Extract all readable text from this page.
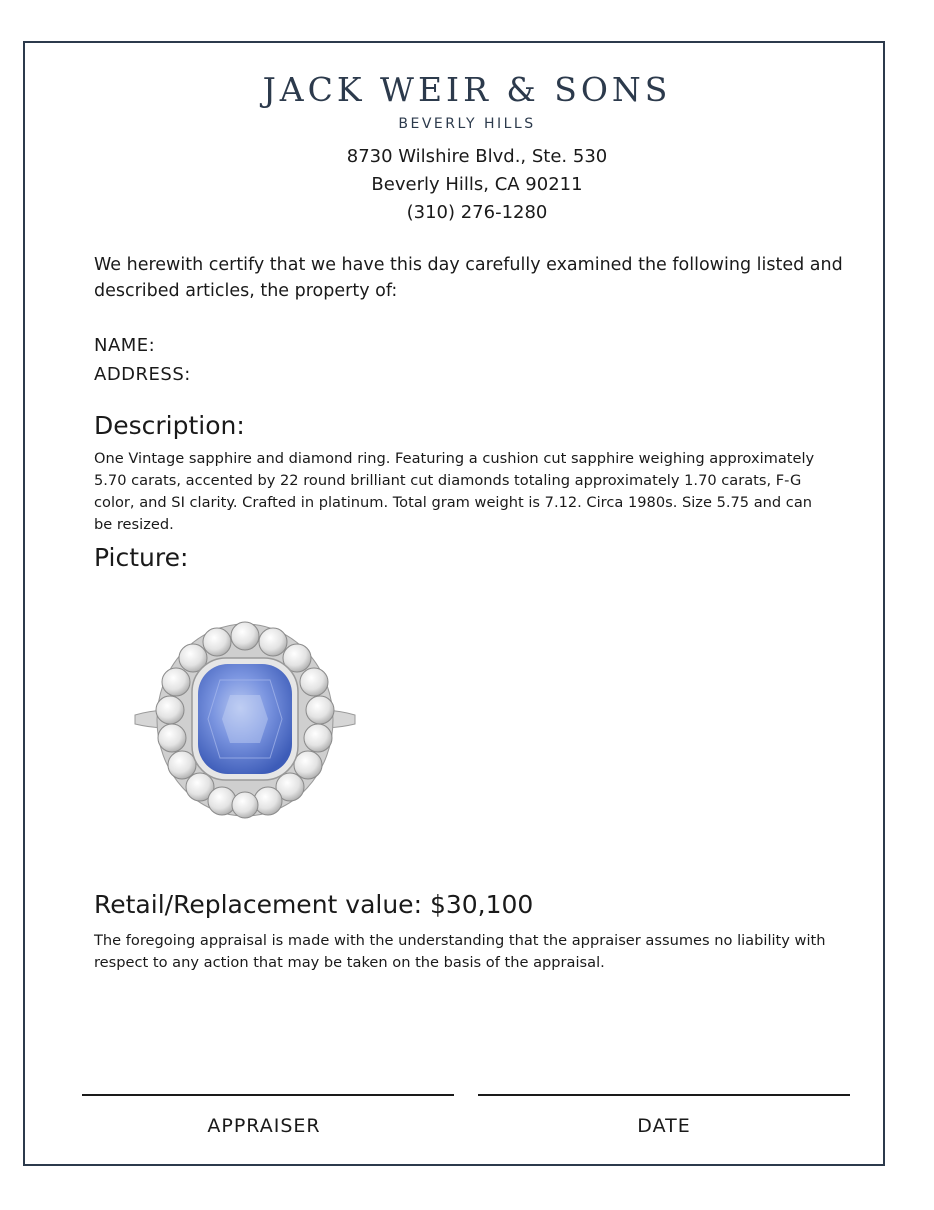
JACK WEIR & SONS
BEVERLY HILLS
8730 Wilshire Blvd., Ste. 530
Beverly Hills, CA 90211
(310) 276-1280
We herewith certify that we have this day carefully examined the following listed and described articles, the property of:
NAME:
ADDRESS:
Description:
One Vintage sapphire and diamond ring. Featuring a cushion cut sapphire weighing approximately 5.70 carats, accented by 22 round brilliant cut diamonds totaling approximately 1.70 carats, F-G color, and SI clarity. Crafted in platinum. Total gram weight is 7.12. Circa 1980s. Size 5.75 and can be resized.
Picture:
Retail/Replacement value: $30,100
The foregoing appraisal is made with the understanding that the appraiser assumes no liability with respect to any action that may be taken on the basis of the appraisal.
APPRAISER	DATE
